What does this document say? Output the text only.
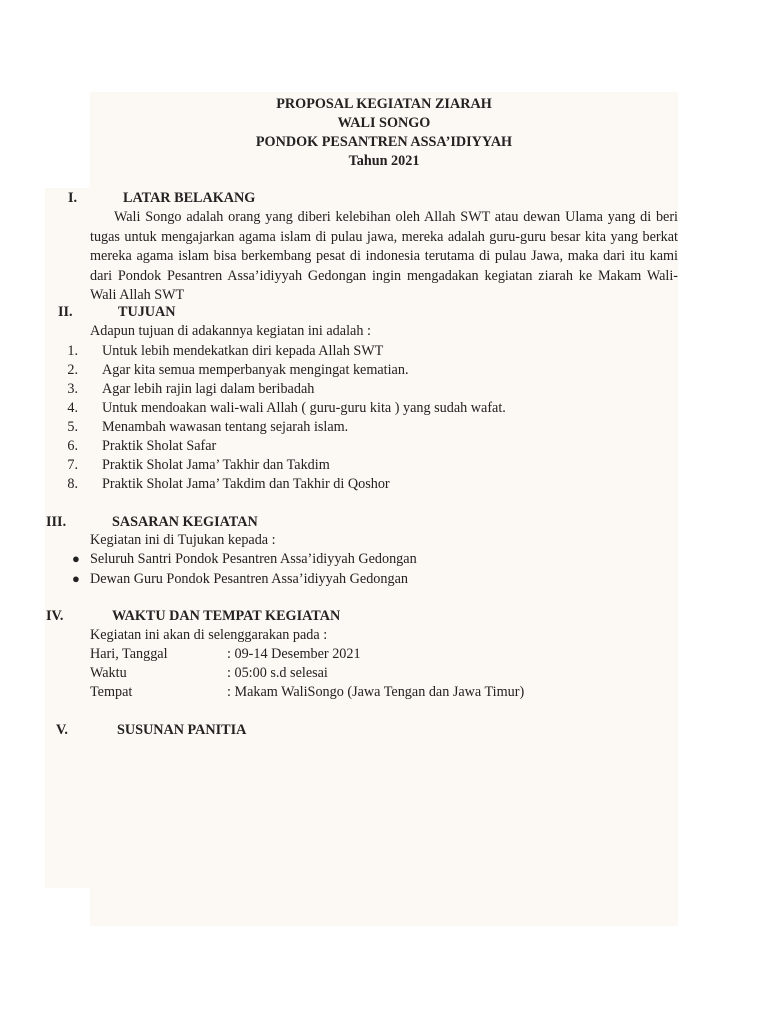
PROPOSAL KEGIATAN ZIARAH
WALI SONGO
PONDOK PESANTREN ASSA’IDIYYAH
Tahun 2021
I.	LATAR BELAKANG

Wali Songo adalah orang yang diberi kelebihan oleh Allah SWT atau dewan Ulama yang di beri tugas untuk mengajarkan agama islam di pulau jawa, mereka adalah guru-guru besar kita yang berkat mereka agama islam bisa berkembang pesat di indonesia terutama di pulau Jawa, maka dari itu kami dari Pondok Pesantren Assa’idiyyah Gedongan ingin mengadakan kegiatan ziarah ke Makam Wali-Wali Allah SWT

II.	TUJUAN
Adapun tujuan di adakannya kegiatan ini adalah :
1. Untuk lebih mendekatkan diri kepada Allah SWT
2. Agar kita semua memperbanyak mengingat kematian.
3. Agar lebih rajin lagi dalam beribadah
4. Untuk mendoakan wali-wali Allah ( guru-guru kita ) yang sudah wafat.
5. Menambah wawasan tentang sejarah islam.
6. Praktik Sholat Safar
7. Praktik Sholat Jama’ Takhir dan Takdim
8. Praktik Sholat Jama’ Takdim dan Takhir di Qoshor
III.	SASARAN KEGIATAN
Kegiatan ini di Tujukan kepada :
● Seluruh Santri Pondok Pesantren Assa’idiyyah Gedongan
● Dewan Guru Pondok Pesantren Assa’idiyyah Gedongan
IV.	WAKTU DAN TEMPAT KEGIATAN
Kegiatan ini akan di selenggarakan pada :
Hari, Tanggal	: 09-14 Desember 2021
Waktu	: 05:00 s.d selesai
Tempat	: Makam WaliSongo (Jawa Tengan dan Jawa Timur)
V.	SUSUNAN PANITIA
